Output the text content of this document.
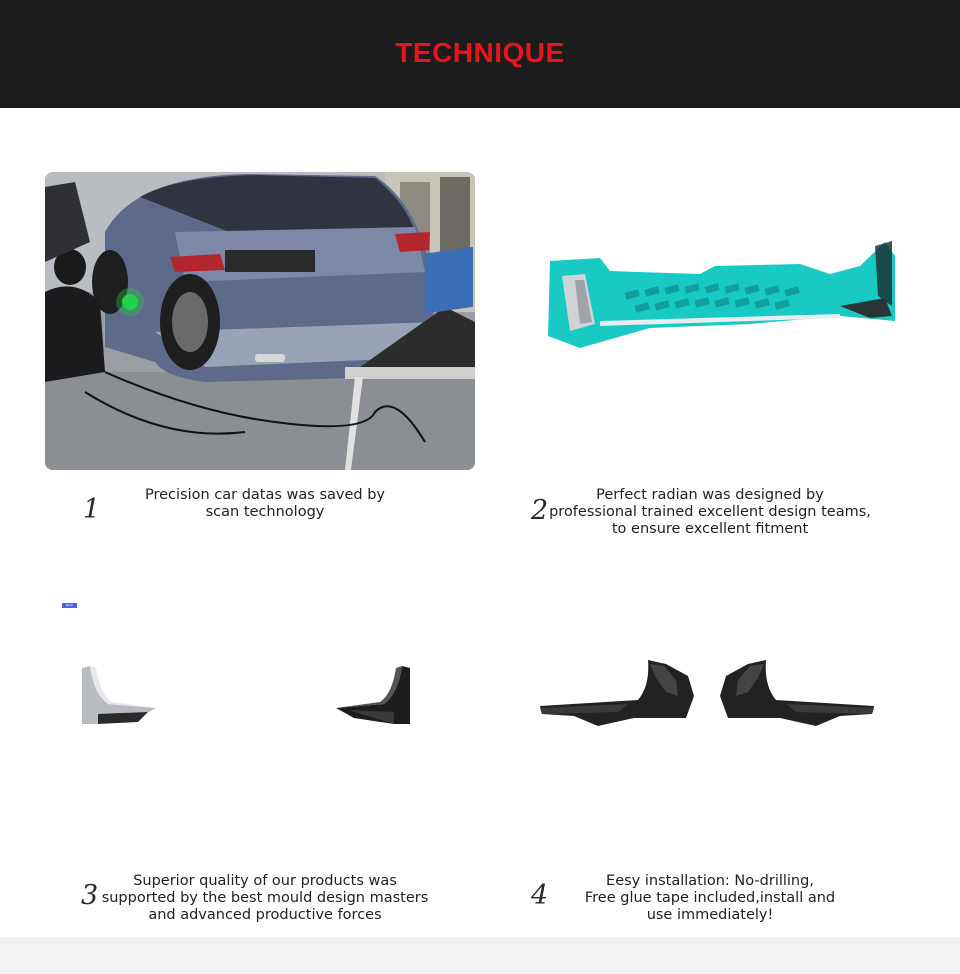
TECHNIQUE
1	Precision car datas was saved by
scan technology	2	Perfect radian was designed by
professional trained excellent design teams,
to ensure excellent fitment
Back
3	Superior quality of our products was
supported by the best mould design masters
and advanced productive forces
4	Eesy installation: No-drilling,
Free glue tape included,install and
use immediately!
